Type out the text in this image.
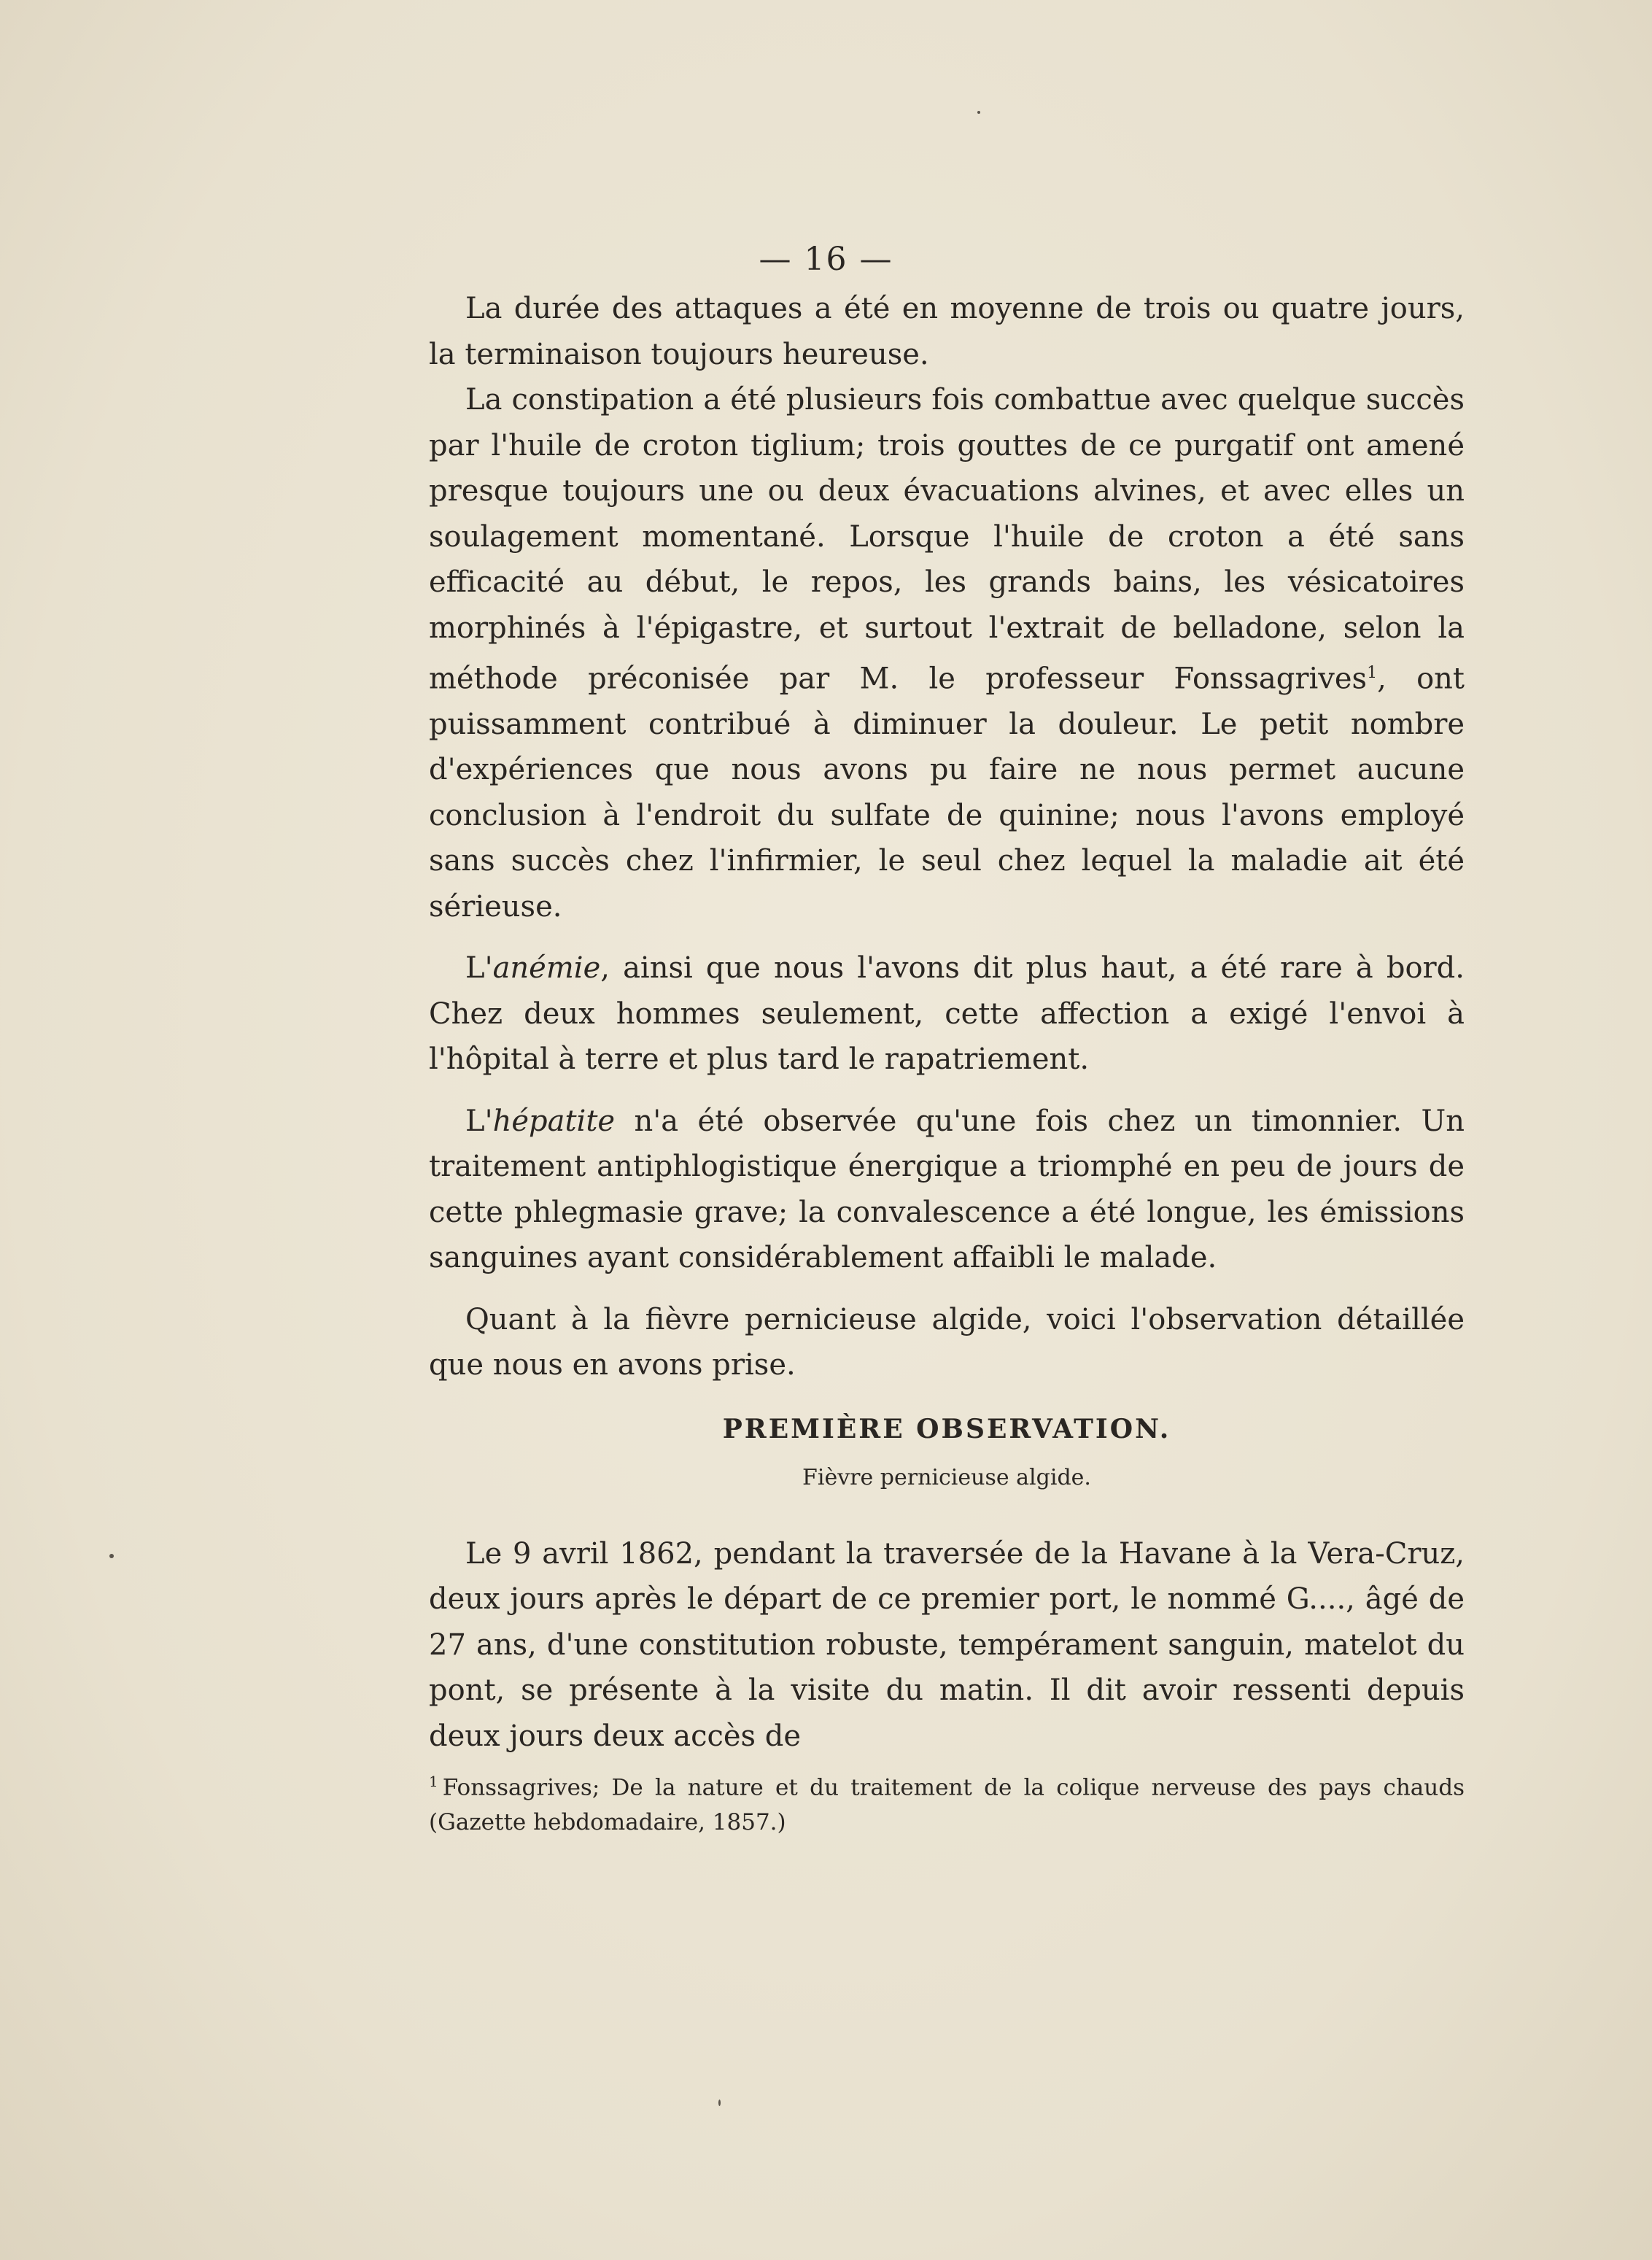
— 16 —

La durée des attaques a été en moyenne de trois ou quatre jours, la terminaison toujours heureuse.

La constipation a été plusieurs fois combattue avec quelque succès par l'huile de croton tiglium; trois gouttes de ce purgatif ont amené presque toujours une ou deux évacuations alvines, et avec elles un soulagement momentané. Lorsque l'huile de croton a été sans efficacité au début, le repos, les grands bains, les vésicatoires morphinés à l'épigastre, et surtout l'extrait de belladone, selon la méthode préconisée par M. le professeur Fonssagrives$^1$, ont puissamment contribué à diminuer la douleur. Le petit nombre d'expériences que nous avons pu faire ne nous permet aucune conclusion à l'endroit du sulfate de quinine; nous l'avons employé sans succès chez l'infirmier, le seul chez lequel la maladie ait été sérieuse.

L'anémie, ainsi que nous l'avons dit plus haut, a été rare à bord. Chez deux hommes seulement, cette affection a exigé l'envoi à l'hôpital à terre et plus tard le rapatriement.

L'hépatite n'a été observée qu'une fois chez un timonnier. Un traitement antiphlogistique énergique a triomphé en peu de jours de cette phlegmasie grave; la convalescence a été longue, les émissions sanguines ayant considérablement affaibli le malade.

Quant à la fièvre pernicieuse algide, voici l'observation détaillée que nous en avons prise.

PREMIÈRE OBSERVATION.

Fièvre pernicieuse algide.

Le 9 avril 1862, pendant la traversée de la Havane à la Vera-Cruz, deux jours après le départ de ce premier port, le nommé G...., âgé de 27 ans, d'une constitution robuste, tempérament sanguin, matelot du pont, se présente à la visite du matin. Il dit avoir ressenti depuis deux jours deux accès de

$^1$ Fonssagrives; De la nature et du traitement de la colique nerveuse des pays chauds (Gazette hebdomadaire, 1857.)
